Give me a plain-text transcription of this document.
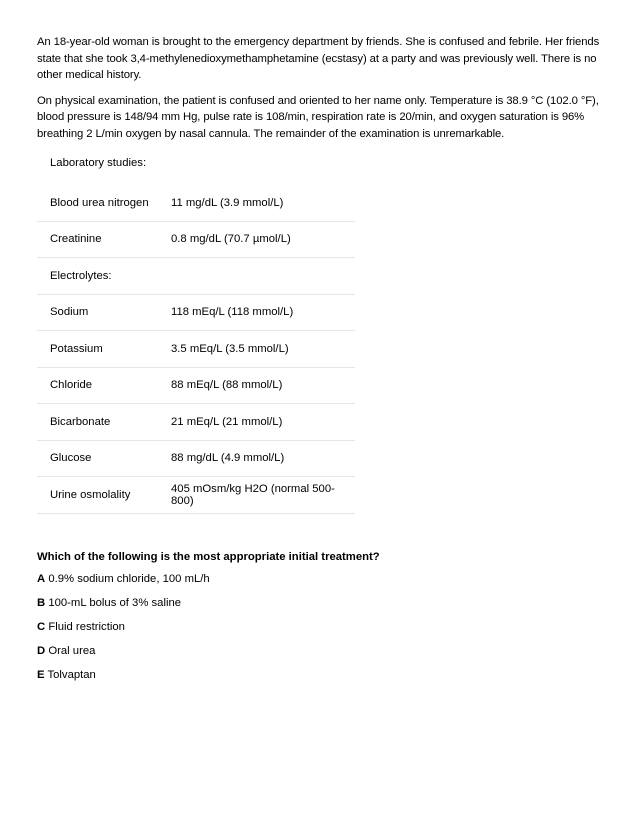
An 18-year-old woman is brought to the emergency department by friends. She is confused and febrile. Her friends state that she took 3,4-methylenedioxymethamphetamine (ecstasy) at a party and was previously well. There is no other medical history.

On physical examination, the patient is confused and oriented to her name only. Temperature is 38.9 °C (102.0 °F), blood pressure is 148/94 mm Hg, pulse rate is 108/min, respiration rate is 20/min, and oxygen saturation is 96% breathing 2 L/min oxygen by nasal cannula. The remainder of the examination is unremarkable.

Laboratory studies:
Blood urea nitrogen	11 mg/dL (3.9 mmol/L)
Creatinine	0.8 mg/dL (70.7 µmol/L)
Electrolytes:
Sodium	118 mEq/L (118 mmol/L)
Potassium	3.5 mEq/L (3.5 mmol/L)
Chloride	88 mEq/L (88 mmol/L)
Bicarbonate	21 mEq/L (21 mmol/L)
Glucose	88 mg/dL (4.9 mmol/L)
Urine osmolality	405 mOsm/kg H2O (normal 500-800)
Which of the following is the most appropriate initial treatment?
A 0.9% sodium chloride, 100 mL/h
B 100-mL bolus of 3% saline
C Fluid restriction
D Oral urea
E Tolvaptan
